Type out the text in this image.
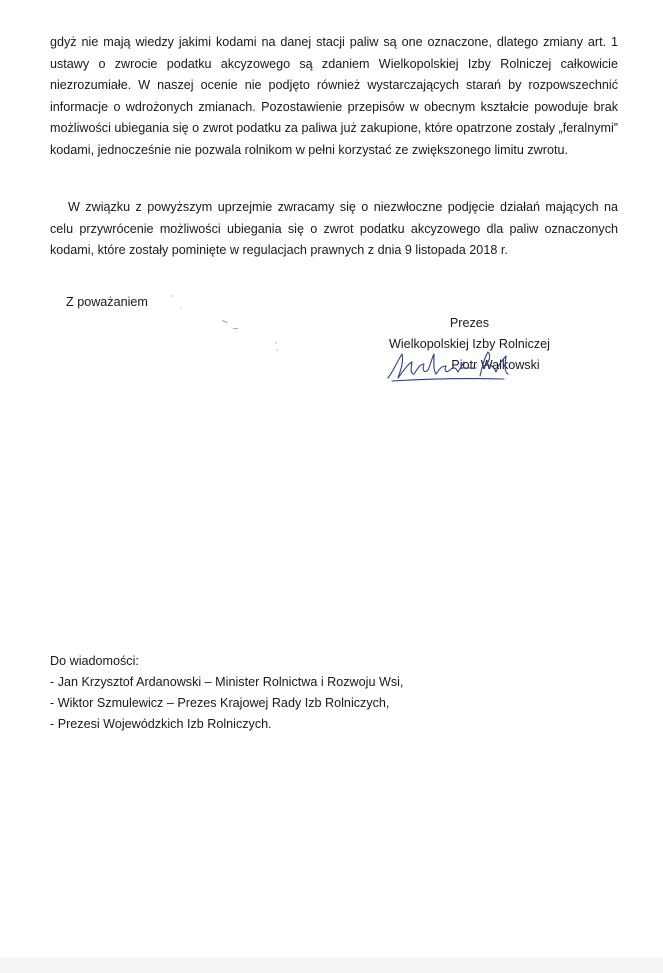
gdyż nie mają wiedzy jakimi kodami na danej stacji paliw są one oznaczone, dlatego zmiany art. 1 ustawy o zwrocie podatku akcyzowego są zdaniem Wielkopolskiej Izby Rolniczej całkowicie niezrozumiałe. W naszej ocenie nie podjęto również wystarczających starań by rozpowszechnić informacje o wdrożonych zmianach. Pozostawienie przepisów w obecnym kształcie powoduje brak możliwości ubiegania się o zwrot podatku za paliwa już zakupione, które opatrzone zostały „feralnymi” kodami, jednocześnie nie pozwala rolnikom w pełni korzystać ze zwiększonego limitu zwrotu.

W związku z powyższym uprzejmie zwracamy się o niezwłoczne podjęcie działań mających na celu przywrócenie możliwości ubiegania się o zwrot podatku akcyzowego dla paliw oznaczonych kodami, które zostały pominięte w regulacjach prawnych z dnia 9 listopada 2018 r.

Z poważaniem
Prezes
Wielkopolskiej Izby Rolniczej
Piotr Walkowski
Do wiadomości:
- Jan Krzysztof Ardanowski – Minister Rolnictwa i Rozwoju Wsi,
- Wiktor Szmulewicz – Prezes Krajowej Rady Izb Rolniczych,
- Prezesi Wojewódzkich Izb Rolniczych.
